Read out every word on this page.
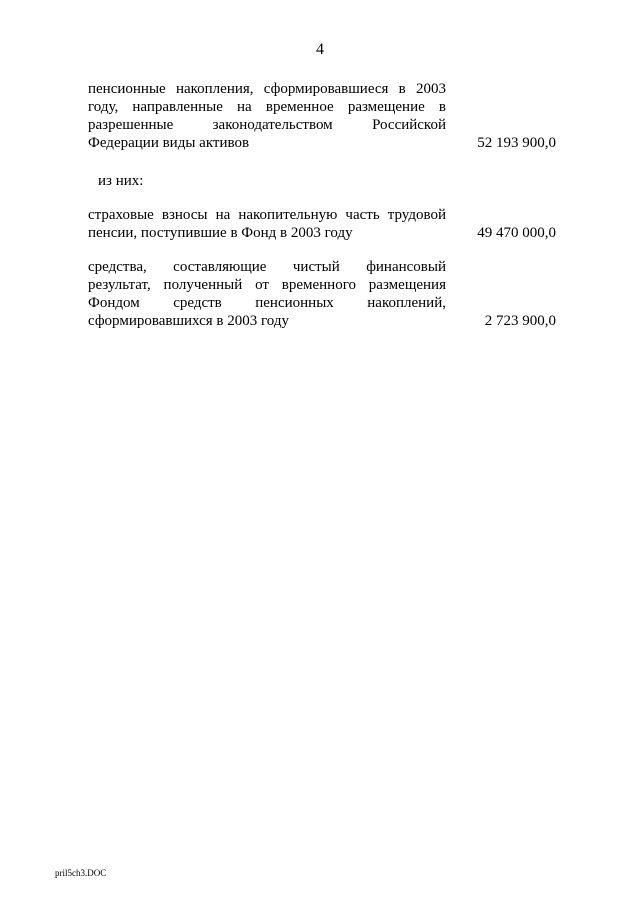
4
пенсионные накопления, сформировавшиеся в 2003
году, направленные на временное размещение в
разрешенные законодательством Российской
Федерации виды активов	52 193 900,0
из них:
страховые взносы на накопительную часть трудовой
пенсии, поступившие в Фонд в 2003 году	49 470 000,0
средства, составляющие чистый финансовый
результат, полученный от временного размещения
Фондом средств пенсионных накоплений,
сформировавшихся в 2003 году	2 723 900,0
pril5ch3.DOC
